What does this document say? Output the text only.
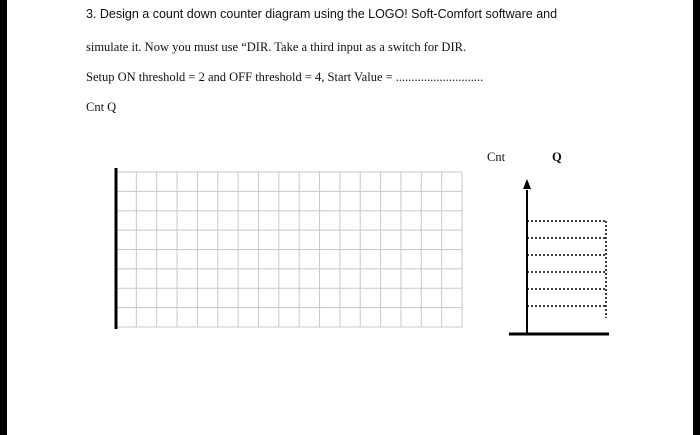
3. Design a count down counter diagram using the LOGO! Soft-Comfort software and
simulate it. Now you must use “DIR. Take a third input as a switch for DIR.
Setup ON threshold = 2 and OFF threshold = 4, Start Value = ............................
Cnt Q
Cnt	Q
